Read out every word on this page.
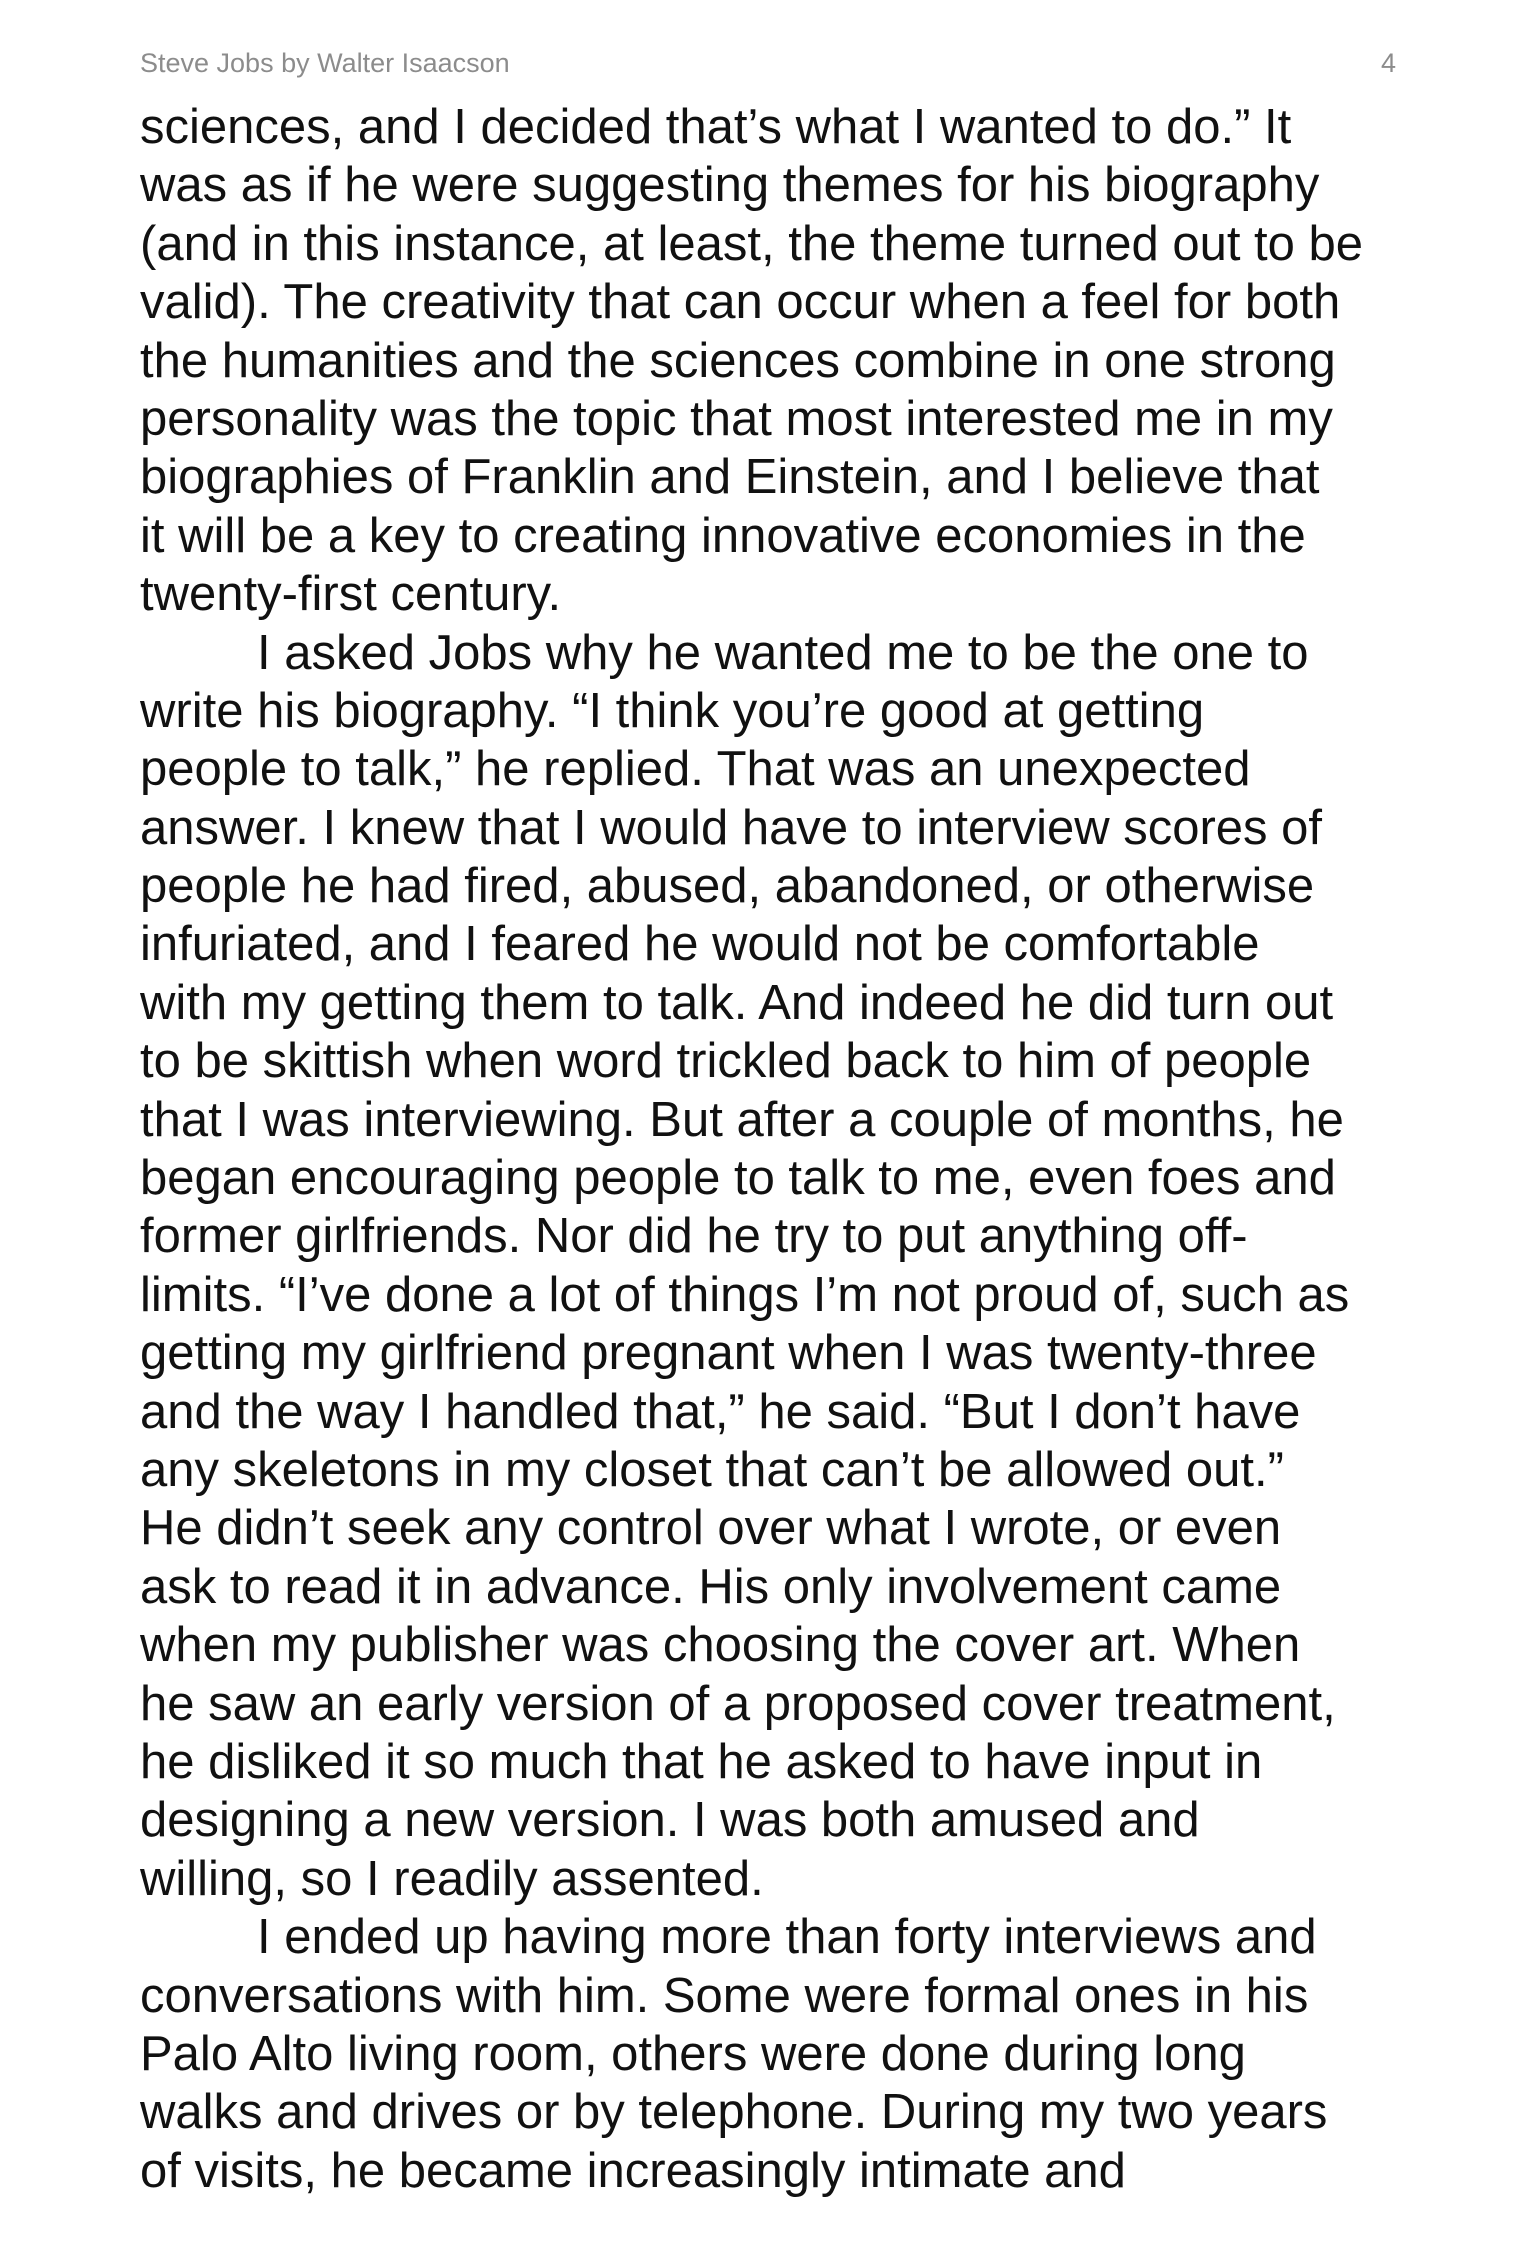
Steve Jobs by Walter Isaacson	4
sciences, and I decided that’s what I wanted to do.” It
was as if he were suggesting themes for his biography
(and in this instance, at least, the theme turned out to be
valid). The creativity that can occur when a feel for both
the humanities and the sciences combine in one strong
personality was the topic that most interested me in my
biographies of Franklin and Einstein, and I believe that
it will be a key to creating innovative economies in the
twenty-first century.
I asked Jobs why he wanted me to be the one to
write his biography. “I think you’re good at getting
people to talk,” he replied. That was an unexpected
answer. I knew that I would have to interview scores of
people he had fired, abused, abandoned, or otherwise
infuriated, and I feared he would not be comfortable
with my getting them to talk. And indeed he did turn out
to be skittish when word trickled back to him of people
that I was interviewing. But after a couple of months, he
began encouraging people to talk to me, even foes and
former girlfriends. Nor did he try to put anything off-
limits. “I’ve done a lot of things I’m not proud of, such as
getting my girlfriend pregnant when I was twenty-three
and the way I handled that,” he said. “But I don’t have
any skeletons in my closet that can’t be allowed out.”
He didn’t seek any control over what I wrote, or even
ask to read it in advance. His only involvement came
when my publisher was choosing the cover art. When
he saw an early version of a proposed cover treatment,
he disliked it so much that he asked to have input in
designing a new version. I was both amused and
willing, so I readily assented.
I ended up having more than forty interviews and
conversations with him. Some were formal ones in his
Palo Alto living room, others were done during long
walks and drives or by telephone. During my two years
of visits, he became increasingly intimate and
